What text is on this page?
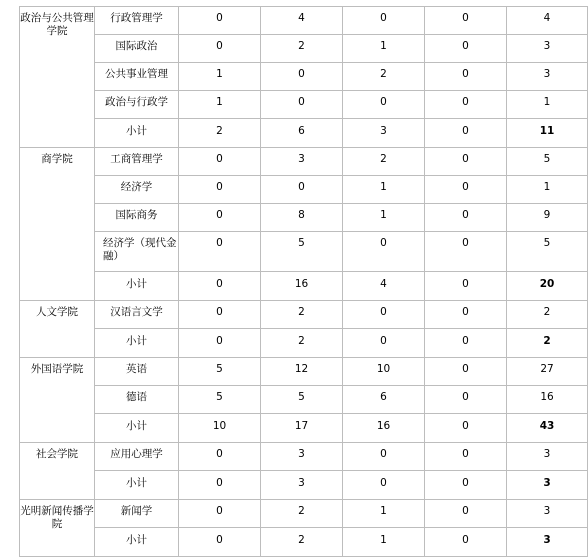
政治与公共管理学院	行政管理学	0	4	0	0	4
	国际政治	0	2	1	0	3
	公共事业管理	1	0	2	0	3
	政治与行政学	1	0	0	0	1
	小计	2	6	3	0	11
商学院	工商管理学	0	3	2	0	5
	经济学	0	0	1	0	1
	国际商务	0	8	1	0	9
	经济学（现代金融）	0	5	0	0	5
	小计	0	16	4	0	20
人文学院	汉语言文学	0	2	0	0	2
	小计	0	2	0	0	2
外国语学院	英语	5	12	10	0	27
	德语	5	5	6	0	16
	小计	10	17	16	0	43
社会学院	应用心理学	0	3	0	0	3
	小计	0	3	0	0	3
光明新闻传播学院	新闻学	0	2	1	0	3
	小计	0	2	1	0	3
